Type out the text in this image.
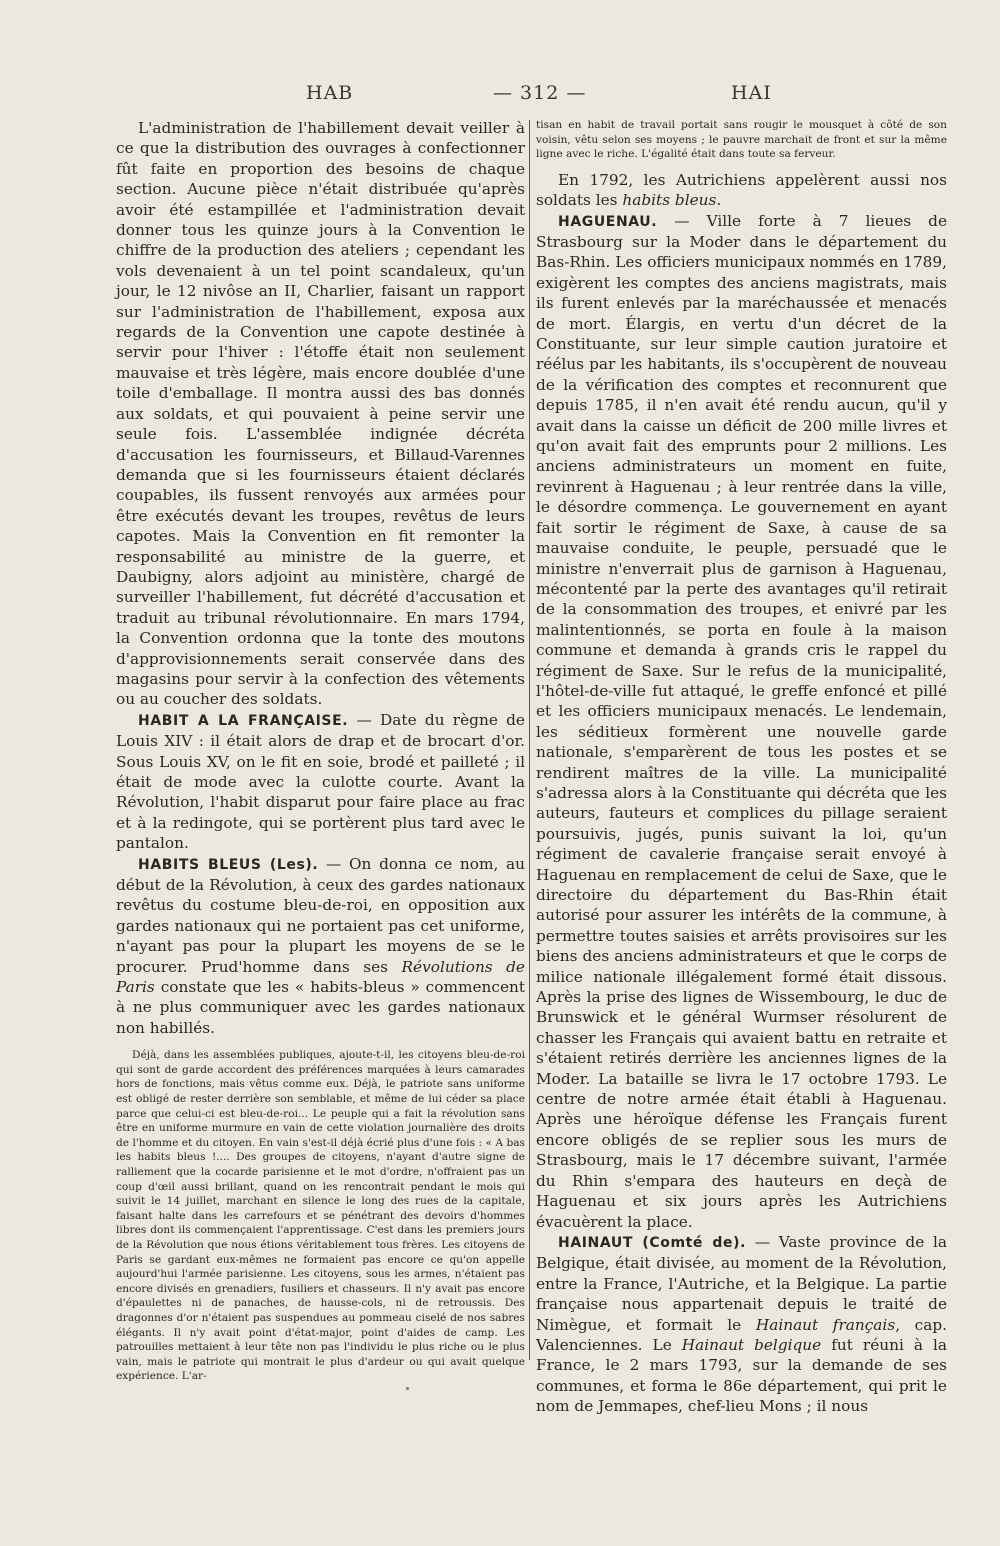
HAB	— 312 —	HAI

L'administration de l'habillement devait veiller à ce que la distribution des ouvrages à confectionner fût faite en proportion des besoins de chaque section. Aucune pièce n'était distribuée qu'après avoir été estampillée et l'administration devait donner tous les quinze jours à la Convention le chiffre de la production des ateliers ; cependant les vols devenaient à un tel point scandaleux, qu'un jour, le 12 nivôse an II, Charlier, faisant un rapport sur l'administration de l'habillement, exposa aux regards de la Convention une capote destinée à servir pour l'hiver : l'étoffe était non seulement mauvaise et très légère, mais encore doublée d'une toile d'emballage. Il montra aussi des bas donnés aux soldats, et qui pouvaient à peine servir une seule fois. L'assemblée indignée décréta d'accusation les fournisseurs, et Billaud-Varennes demanda que si les fournisseurs étaient déclarés coupables, ils fussent renvoyés aux armées pour être exécutés devant les troupes, revêtus de leurs capotes. Mais la Convention en fit remonter la responsabilité au ministre de la guerre, et Daubigny, alors adjoint au ministère, chargé de surveiller l'habillement, fut décrété d'accusation et traduit au tribunal révolutionnaire. En mars 1794, la Convention ordonna que la tonte des moutons d'approvisionnements serait conservée dans des magasins pour servir à la confection des vêtements ou au coucher des soldats.

HABIT A LA FRANÇAISE. — Date du règne de Louis XIV : il était alors de drap et de brocart d'or. Sous Louis XV, on le fit en soie, brodé et pailleté ; il était de mode avec la culotte courte. Avant la Révolution, l'habit disparut pour faire place au frac et à la redingote, qui se portèrent plus tard avec le pantalon.

HABITS BLEUS (Les). — On donna ce nom, au début de la Révolution, à ceux des gardes nationaux revêtus du costume bleu-de-roi, en opposition aux gardes nationaux qui ne portaient pas cet uniforme, n'ayant pas pour la plupart les moyens de se le procurer. Prud'homme dans ses Révolutions de Paris constate que les « habits-bleus » commencent à ne plus communiquer avec les gardes nationaux non habillés.

Déjà, dans les assemblées publiques, ajoute-t-il, les citoyens bleu-de-roi qui sont de garde accordent des préférences marquées à leurs camarades hors de fonctions, mais vêtus comme eux. Déjà, le patriote sans uniforme est obligé de rester derrière son semblable, et même de lui céder sa place parce que celui-ci est bleu-de-roi... Le peuple qui a fait la révolution sans être en uniforme murmure en vain de cette violation journalière des droits de l'homme et du citoyen. En vain s'est-il déjà écrié plus d'une fois : « A bas les habits bleus !.... Des groupes de citoyens, n'ayant d'autre signe de ralliement que la cocarde parisienne et le mot d'ordre, n'offraient pas un coup d'œil aussi brillant, quand on les rencontrait pendant le mois qui suivit le 14 juillet, marchant en silence le long des rues de la capitale, faisant halte dans les carrefours et se pénétrant des devoirs d'hommes libres dont ils commençaient l'apprentissage. C'est dans les premiers jours de la Révolution que nous étions véritablement tous frères. Les citoyens de Paris se gardant eux-mêmes ne formaient pas encore ce qu'on appelle aujourd'hui l'armée parisienne. Les citoyens, sous les armes, n'étaient pas encore divisés en grenadiers, fusiliers et chasseurs. Il n'y avait pas encore d'épaulettes ni de panaches, de hausse-cols, ni de retroussis. Des dragonnes d'or n'étaient pas suspendues au pommeau ciselé de nos sabres élégants. Il n'y avait point d'état-major, point d'aides de camp. Les patrouilles mettaient à leur tête non pas l'individu le plus riche ou le plus vain, mais le patriote qui montrait le plus d'ardeur ou qui avait quelque expérience. L'ar-

tisan en habit de travail portait sans rougir le mousquet à côté de son voisin, vêtu selon ses moyens ; le pauvre marchait de front et sur la même ligne avec le riche. L'égalité était dans toute sa ferveur.

En 1792, les Autrichiens appelèrent aussi nos soldats les habits bleus.

HAGUENAU. — Ville forte à 7 lieues de Strasbourg sur la Moder dans le département du Bas-Rhin. Les officiers municipaux nommés en 1789, exigèrent les comptes des anciens magistrats, mais ils furent enlevés par la maréchaussée et menacés de mort. Élargis, en vertu d'un décret de la Constituante, sur leur simple caution juratoire et réélus par les habitants, ils s'occupèrent de nouveau de la vérification des comptes et reconnurent que depuis 1785, il n'en avait été rendu aucun, qu'il y avait dans la caisse un déficit de 200 mille livres et qu'on avait fait des emprunts pour 2 millions. Les anciens administrateurs un moment en fuite, revinrent à Haguenau ; à leur rentrée dans la ville, le désordre commença. Le gouvernement en ayant fait sortir le régiment de Saxe, à cause de sa mauvaise conduite, le peuple, persuadé que le ministre n'enverrait plus de garnison à Haguenau, mécontenté par la perte des avantages qu'il retirait de la consommation des troupes, et enivré par les malintentionnés, se porta en foule à la maison commune et demanda à grands cris le rappel du régiment de Saxe. Sur le refus de la municipalité, l'hôtel-de-ville fut attaqué, le greffe enfoncé et pillé et les officiers municipaux menacés. Le lendemain, les séditieux formèrent une nouvelle garde nationale, s'emparèrent de tous les postes et se rendirent maîtres de la ville. La municipalité s'adressa alors à la Constituante qui décréta que les auteurs, fauteurs et complices du pillage seraient poursuivis, jugés, punis suivant la loi, qu'un régiment de cavalerie française serait envoyé à Haguenau en remplacement de celui de Saxe, que le directoire du département du Bas-Rhin était autorisé pour assurer les intérêts de la commune, à permettre toutes saisies et arrêts provisoires sur les biens des anciens administrateurs et que le corps de milice nationale illégalement formé était dissous. Après la prise des lignes de Wissembourg, le duc de Brunswick et le général Wurmser résolurent de chasser les Français qui avaient battu en retraite et s'étaient retirés derrière les anciennes lignes de la Moder. La bataille se livra le 17 octobre 1793. Le centre de notre armée était établi à Haguenau. Après une héroïque défense les Français furent encore obligés de se replier sous les murs de Strasbourg, mais le 17 décembre suivant, l'armée du Rhin s'empara des hauteurs en deçà de Haguenau et six jours après les Autrichiens évacuèrent la place.

HAINAUT (Comté de). — Vaste province de la Belgique, était divisée, au moment de la Révolution, entre la France, l'Autriche, et la Belgique. La partie française nous appartenait depuis le traité de Nimègue, et formait le Hainaut français, cap. Valenciennes. Le Hainaut belgique fut réuni à la France, le 2 mars 1793, sur la demande de ses communes, et forma le 86e département, qui prit le nom de Jemmapes, chef-lieu Mons ; il nous
